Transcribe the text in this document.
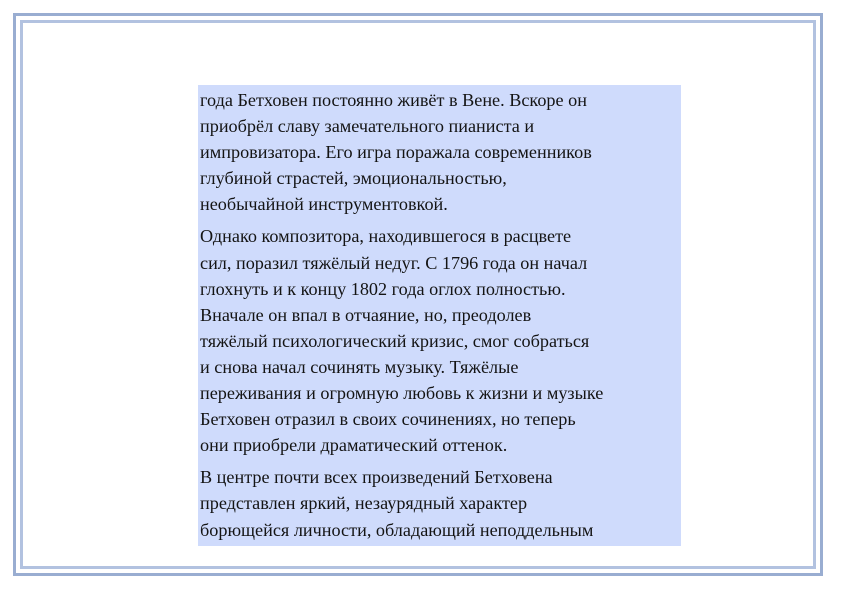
года Бетховен постоянно живёт в Вене. Вскоре он
приобрёл славу замечательного пианиста и
импровизатора. Его игра поражала современников
глубиной страстей, эмоциональностью,
необычайной инструментовкой.

Однако композитора, находившегося в расцвете
сил, поразил тяжёлый недуг. С 1796 года он начал
глохнуть и к концу 1802 года оглох полностью.
Вначале он впал в отчаяние, но, преодолев
тяжёлый психологический кризис, смог собраться
и снова начал сочинять музыку. Тяжёлые
переживания и огромную любовь к жизни и музыке
Бетховен отразил в своих сочинениях, но теперь
они приобрели драматический оттенок.

В центре почти всех произведений Бетховена
представлен яркий, незаурядный характер
борющейся личности, обладающий неподдельным
